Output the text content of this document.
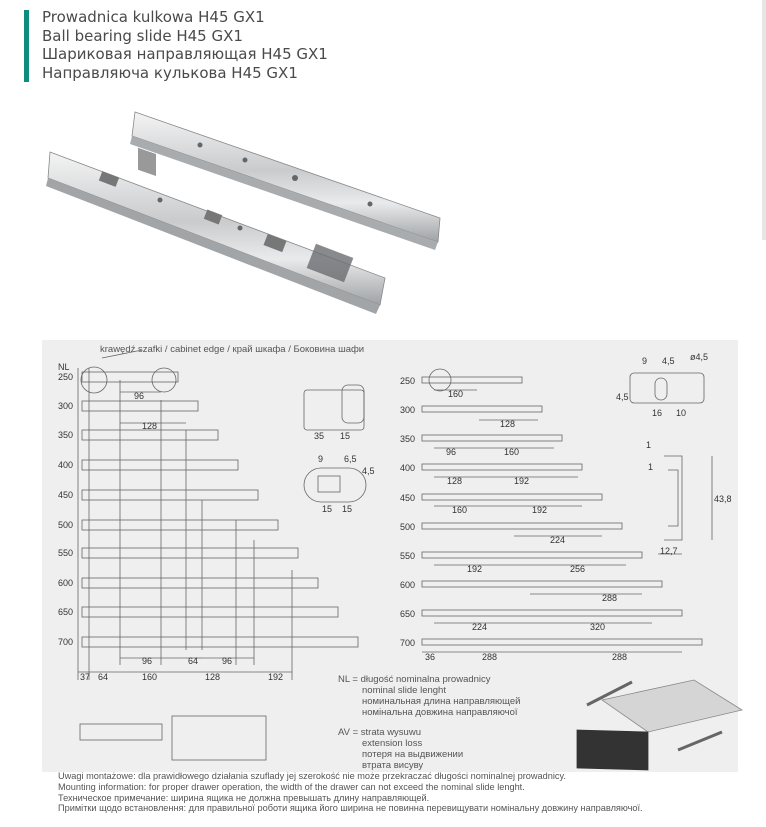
Prowadnica kulkowa H45 GX1
Ball bearing slide H45 GX1
Шариковая направляющая H45 GX1
Направляюча кулькова H45 GX1
krawędź szafki / cabinet edge / край шкафа / Боковина шафи
NL
250	250
300	300
350	350
400	400
450	450
500	500
550	550
600	600
650	650
700	700
96
128
96	64	96
37 64	160	128	192
160
128
96	160
128	192
160	192
224
192	256
288
224	320
36	288	288
35 15
9 6,5
4,5
15 15
9 4,5 ø4,5
4,5
16 10
1
1
43,8
12,7
NL = długość nominalna prowadnicy
nominal slide lenght
номинальная длина направляющей
номінальна довжина направляючої
AV = strata wysuwu
extension loss
потеря на выдвижении
втрата висуву
Uwagi montażowe: dla prawidłowego działania szuflady jej szerokość nie może przekraczać długości nominalnej prowadnicy.
Mounting information: for proper drawer operation, the width of the drawer can not exceed the nominal slide lenght.
Техническое примечание: ширина ящика не должна превышать длину направляющей.
Примітки щодо встановлення: для правильної роботи ящика його ширина не повинна перевищувати номінальну довжину направляючої.
